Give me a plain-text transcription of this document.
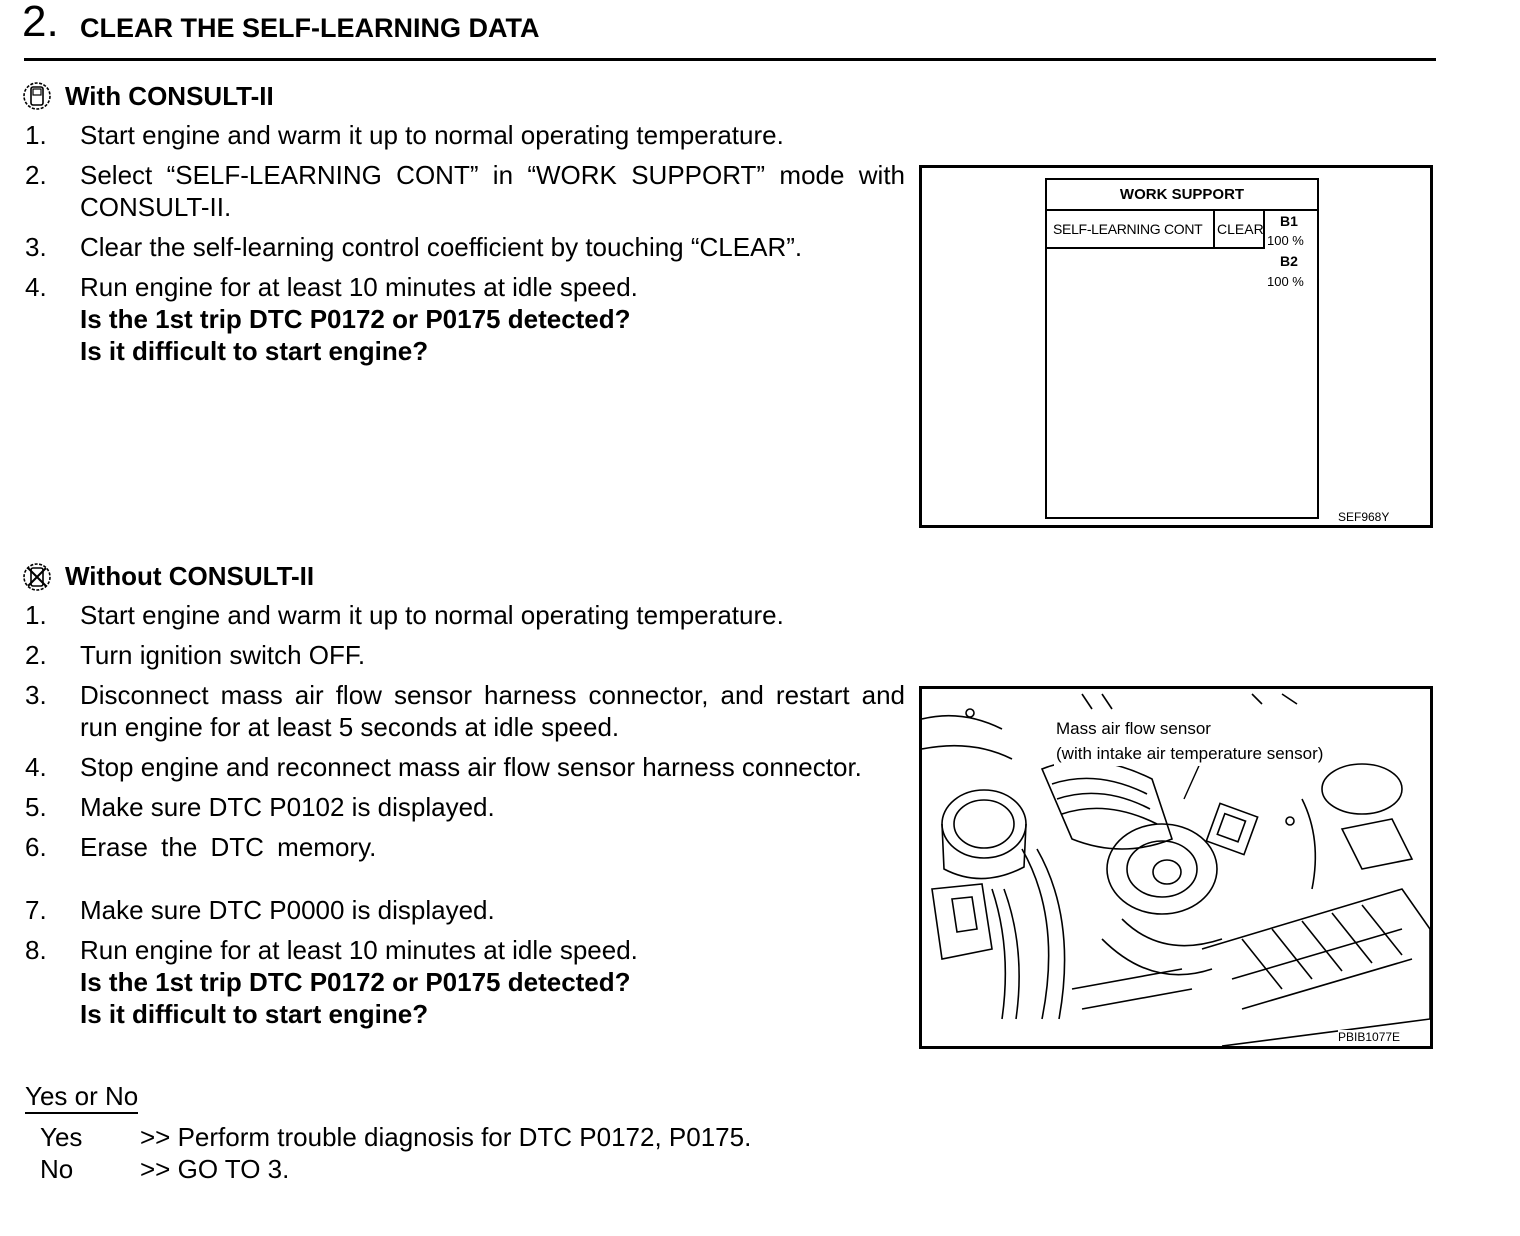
2. CLEAR THE SELF-LEARNING DATA
With CONSULT-II
1. Start engine and warm it up to normal operating temperature.
2. Select “SELF-LEARNING CONT” in “WORK SUPPORT” mode with CONSULT-II.
3. Clear the self-learning control coefficient by touching “CLEAR”.
4. Run engine for at least 10 minutes at idle speed.
Is the 1st trip DTC P0172 or P0175 detected?
Is it difficult to start engine?
WORK SUPPORT
SELF-LEARNING CONT CLEAR B1
100 %
B2
100 %
SEF968Y
Without CONSULT-II
1. Start engine and warm it up to normal operating temperature.
2. Turn ignition switch OFF.
3. Disconnect mass air flow sensor harness connector, and restart and run engine for at least 5 seconds at idle speed.
4. Stop engine and reconnect mass air flow sensor harness connector.
5. Make sure DTC P0102 is displayed.
6. Erase the DTC memory.
7. Make sure DTC P0000 is displayed.
8. Run engine for at least 10 minutes at idle speed.
Is the 1st trip DTC P0172 or P0175 detected?
Is it difficult to start engine?
Mass air flow sensor
(with intake air temperature sensor)
PBIB1077E
Yes or No
Yes >> Perform trouble diagnosis for DTC P0172, P0175.
No	>> GO TO 3.
